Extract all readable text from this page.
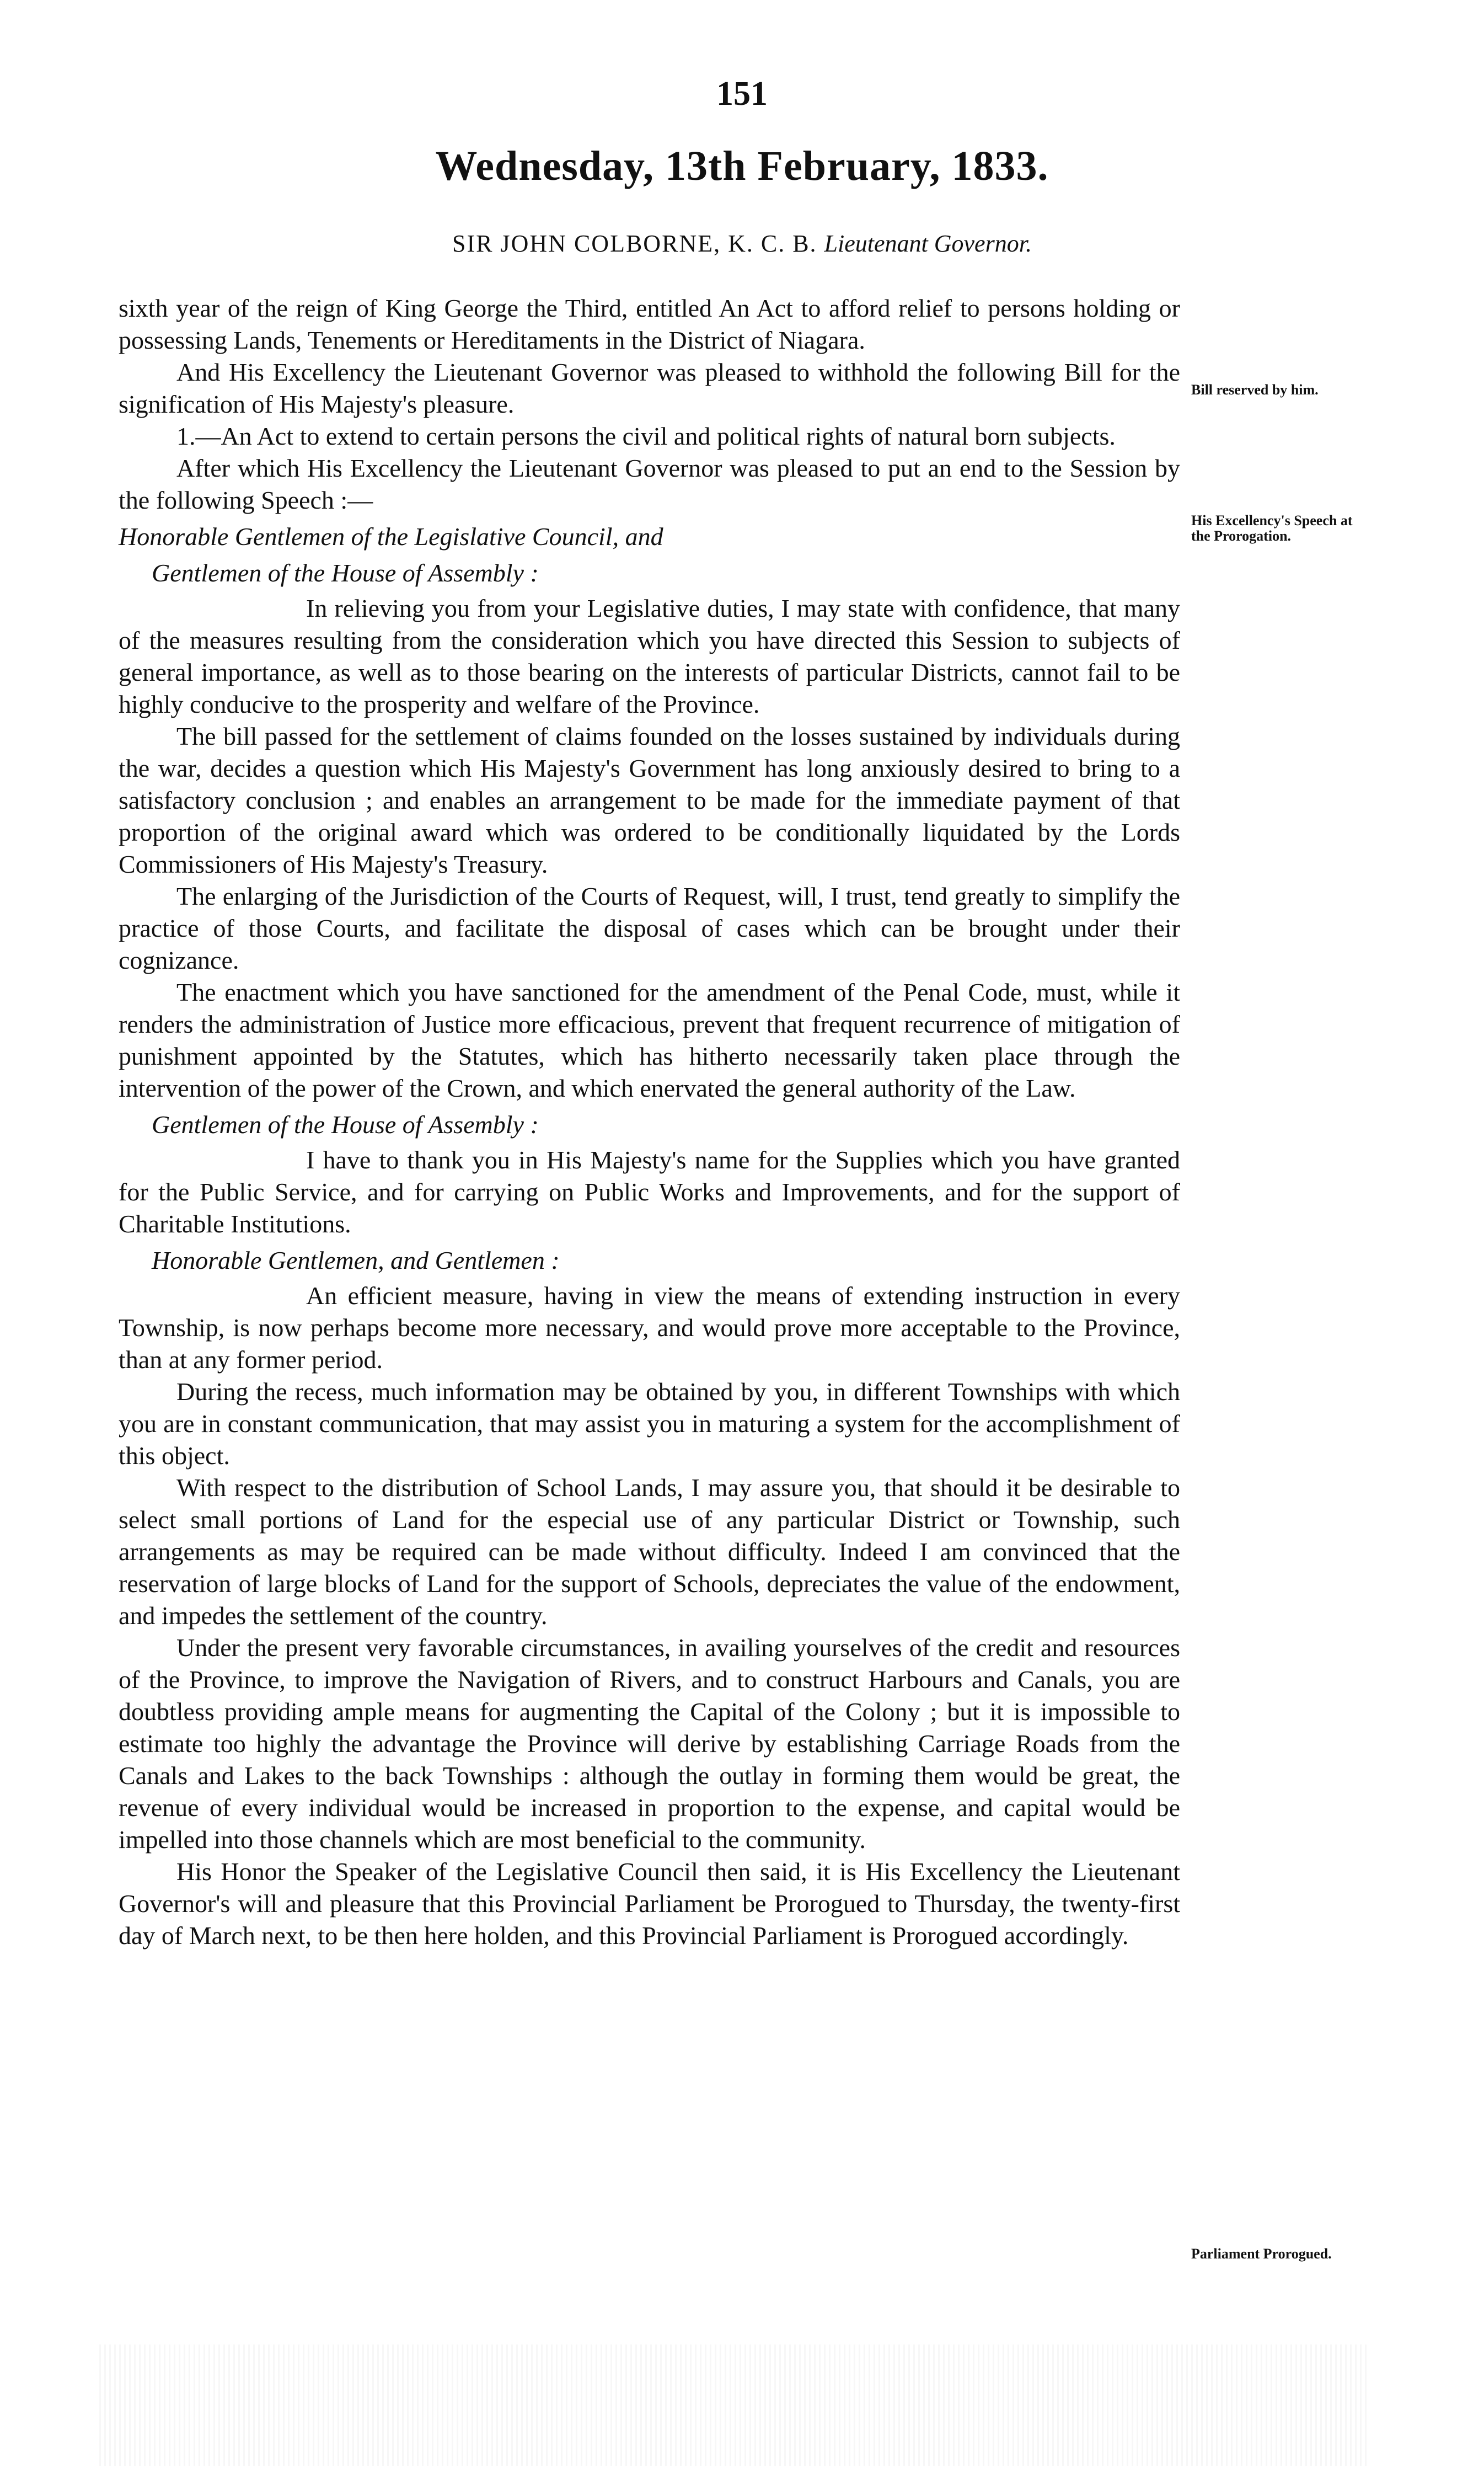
151
Wednesday, 13th February, 1833.
SIR JOHN COLBORNE, K. C. B. Lieutenant Governor.

sixth year of the reign of King George the Third, entitled An Act to afford relief to persons holding or possessing Lands, Tenements or Hereditaments in the District of Niagara.

And His Excellency the Lieutenant Governor was pleased to withhold the following Bill for the signification of His Majesty's pleasure.

1.—An Act to extend to certain persons the civil and political rights of natural born subjects.

After which His Excellency the Lieutenant Governor was pleased to put an end to the Session by the following Speech :—

Honorable Gentlemen of the Legislative Council, and

Gentlemen of the House of Assembly :

In relieving you from your Legislative duties, I may state with confidence, that many of the measures resulting from the consideration which you have directed this Session to subjects of general importance, as well as to those bearing on the interests of particular Districts, cannot fail to be highly conducive to the prosperity and welfare of the Province.

The bill passed for the settlement of claims founded on the losses sustained by individuals during the war, decides a question which His Majesty's Government has long anxiously desired to bring to a satisfactory conclusion ; and enables an arrangement to be made for the immediate payment of that proportion of the original award which was ordered to be conditionally liquidated by the Lords Commissioners of His Majesty's Treasury.

The enlarging of the Jurisdiction of the Courts of Request, will, I trust, tend greatly to simplify the practice of those Courts, and facilitate the disposal of cases which can be brought under their cognizance.

The enactment which you have sanctioned for the amendment of the Penal Code, must, while it renders the administration of Justice more efficacious, prevent that frequent recurrence of mitigation of punishment appointed by the Statutes, which has hitherto necessarily taken place through the intervention of the power of the Crown, and which enervated the general authority of the Law.

Gentlemen of the House of Assembly :

I have to thank you in His Majesty's name for the Supplies which you have granted for the Public Service, and for carrying on Public Works and Improvements, and for the support of Charitable Institutions.

Honorable Gentlemen, and Gentlemen :

An efficient measure, having in view the means of extending instruction in every Township, is now perhaps become more necessary, and would prove more acceptable to the Province, than at any former period.

During the recess, much information may be obtained by you, in different Townships with which you are in constant communication, that may assist you in maturing a system for the accomplishment of this object.

With respect to the distribution of School Lands, I may assure you, that should it be desirable to select small portions of Land for the especial use of any particular District or Township, such arrangements as may be required can be made without difficulty. Indeed I am convinced that the reservation of large blocks of Land for the support of Schools, depreciates the value of the endowment, and impedes the settlement of the country.

Under the present very favorable circumstances, in availing yourselves of the credit and resources of the Province, to improve the Navigation of Rivers, and to construct Harbours and Canals, you are doubtless providing ample means for augmenting the Capital of the Colony ; but it is impossible to estimate too highly the advantage the Province will derive by establishing Carriage Roads from the Canals and Lakes to the back Townships : although the outlay in forming them would be great, the revenue of every individual would be increased in proportion to the expense, and capital would be impelled into those channels which are most beneficial to the community.

His Honor the Speaker of the Legislative Council then said, it is His Excellency the Lieutenant Governor's will and pleasure that this Provincial Parliament be Prorogued to Thursday, the twenty-first day of March next, to be then here holden, and this Provincial Parliament is Prorogued accordingly.

Bill reserved by him.
His Excellency's Speech at the Prorogation.
Parliament Prorogued.
